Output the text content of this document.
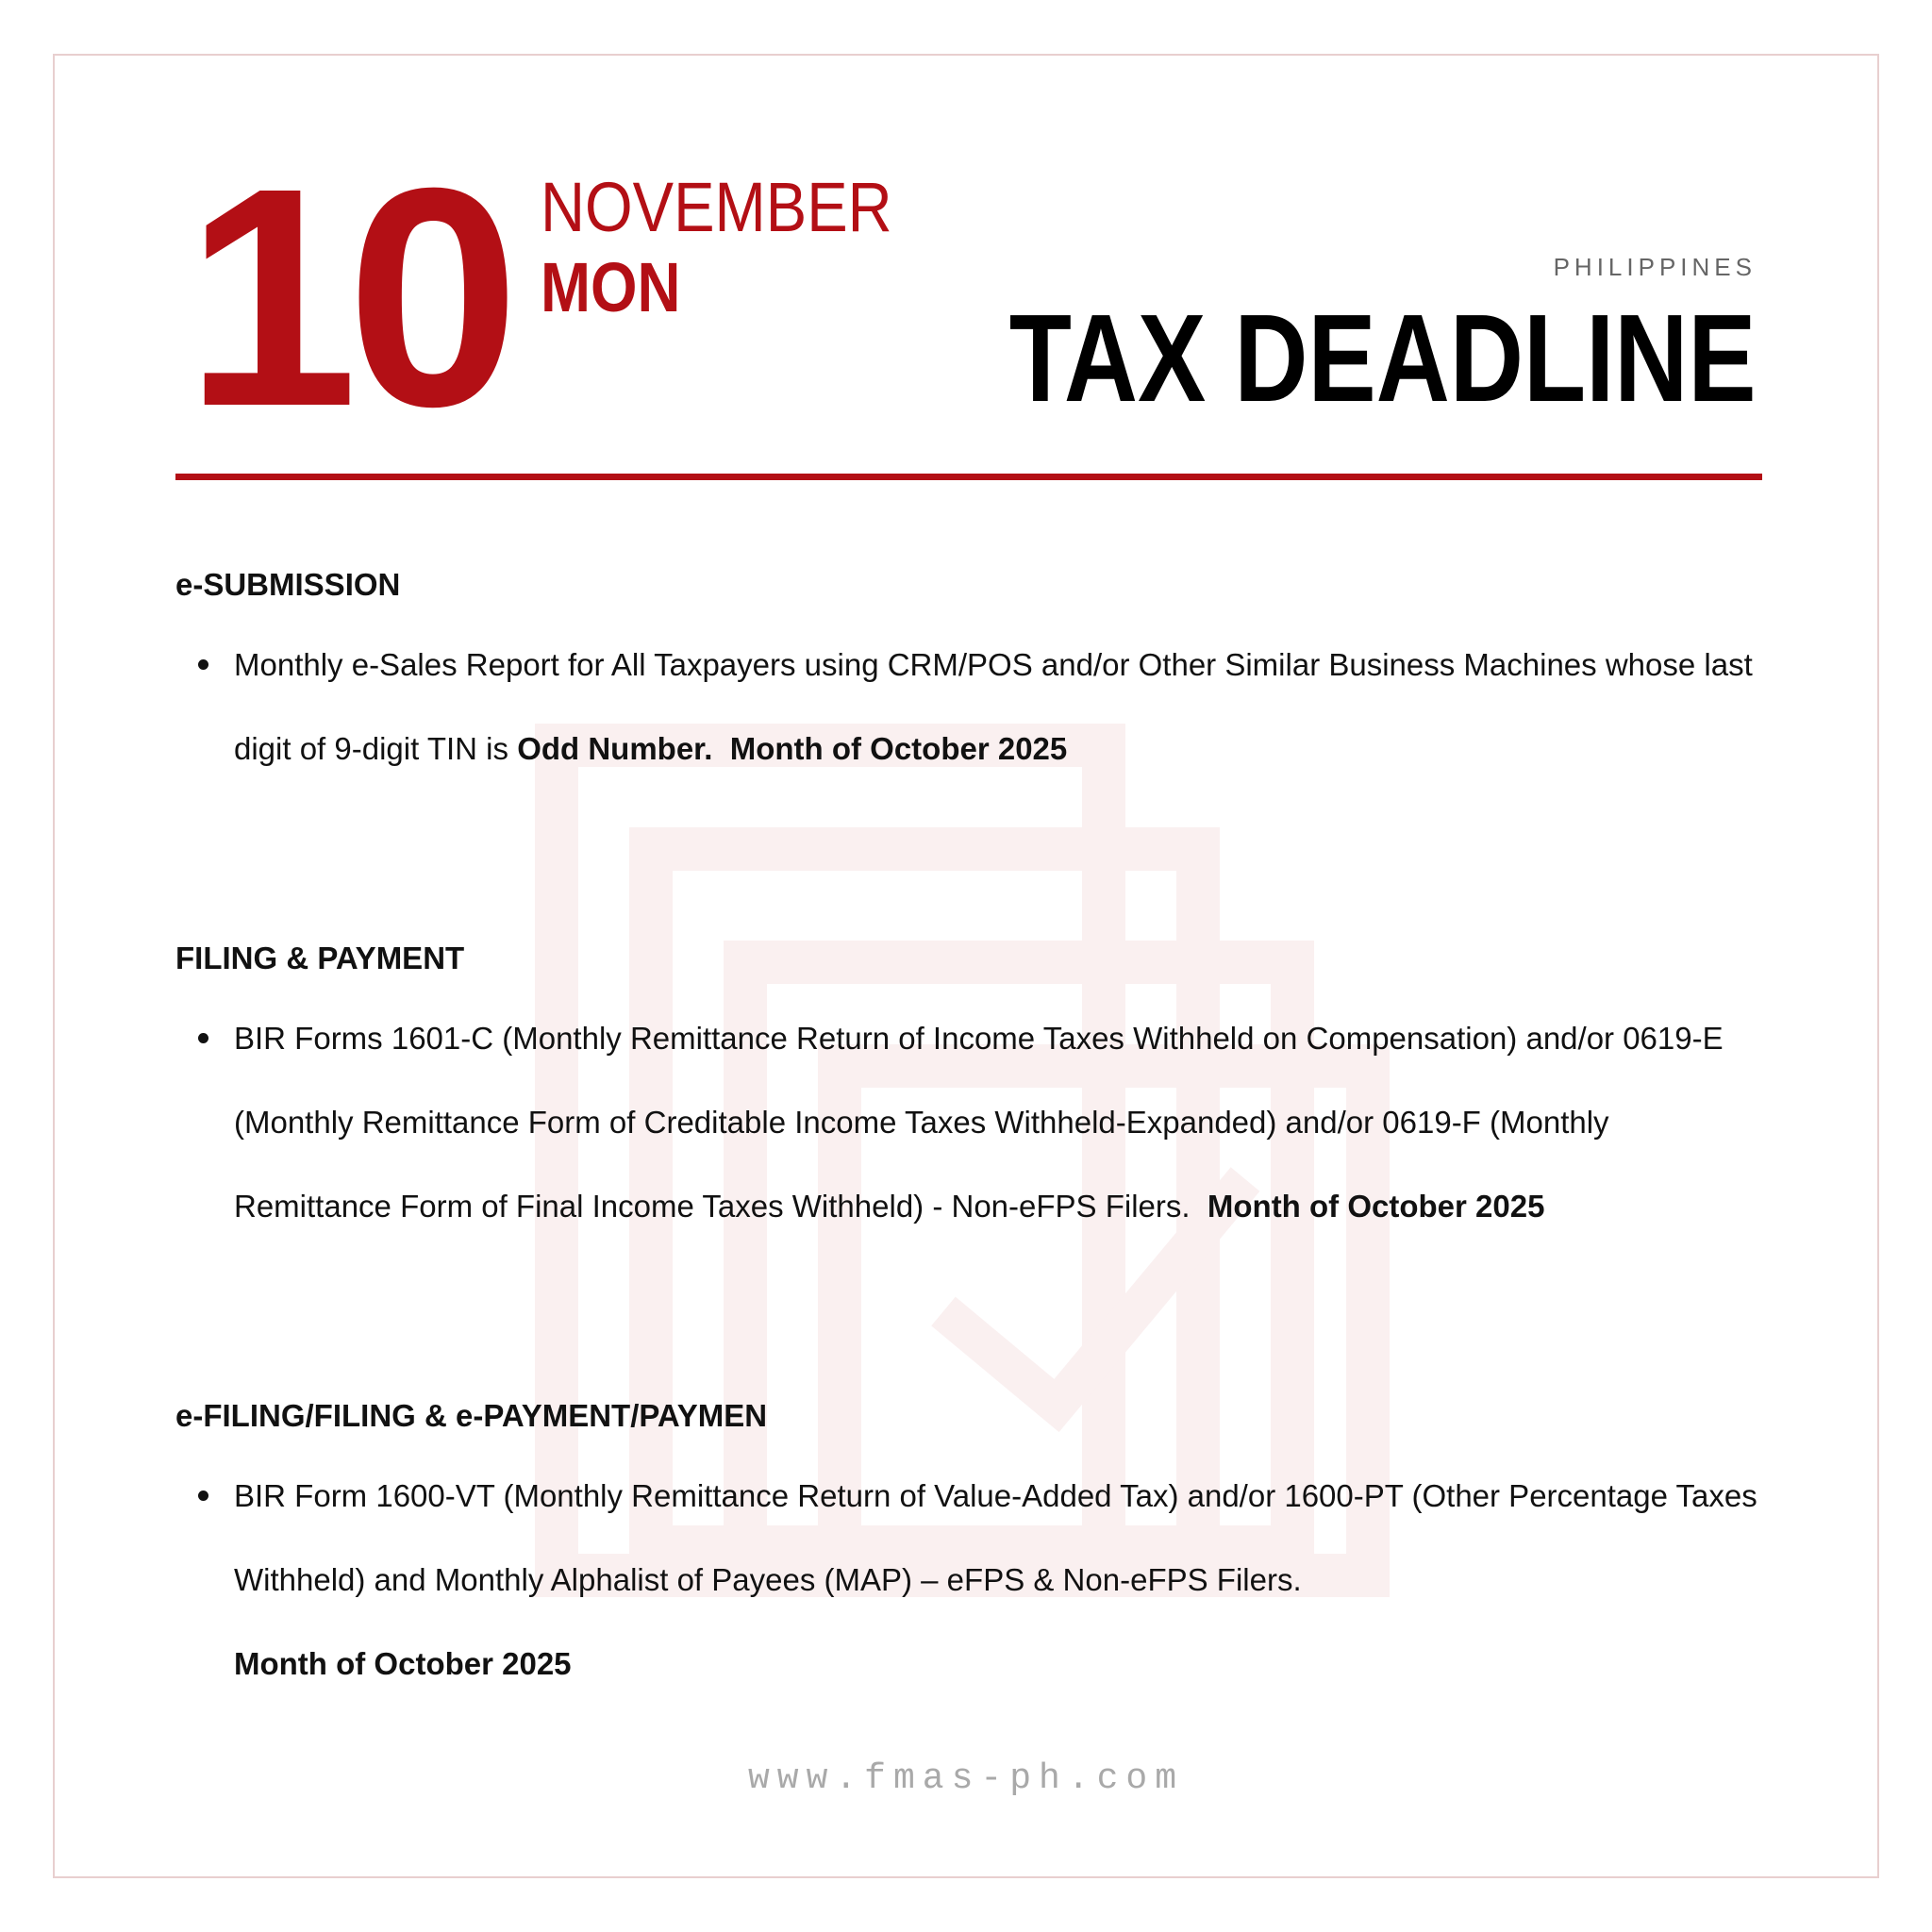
10 NOVEMBER
MON	PHILIPPINES
TAX DEADLINE

e-SUBMISSION

Monthly e-Sales Report for All Taxpayers using CRM/POS and/or Other Similar Business Machines whose last digit of 9-digit TIN is Odd Number. Month of October 2025

FILING & PAYMENT

BIR Forms 1601-C (Monthly Remittance Return of Income Taxes Withheld on Compensation) and/or 0619-E (Monthly Remittance Form of Creditable Income Taxes Withheld-Expanded) and/or 0619-F (Monthly Remittance Form of Final Income Taxes Withheld) - Non-eFPS Filers. Month of October 2025

e-FILING/FILING & e-PAYMENT/PAYMEN

BIR Form 1600-VT (Monthly Remittance Return of Value-Added Tax) and/or 1600-PT (Other Percentage Taxes Withheld) and Monthly Alphalist of Payees (MAP) – eFPS & Non-eFPS Filers.
Month of October 2025

www.fmas-ph.com
